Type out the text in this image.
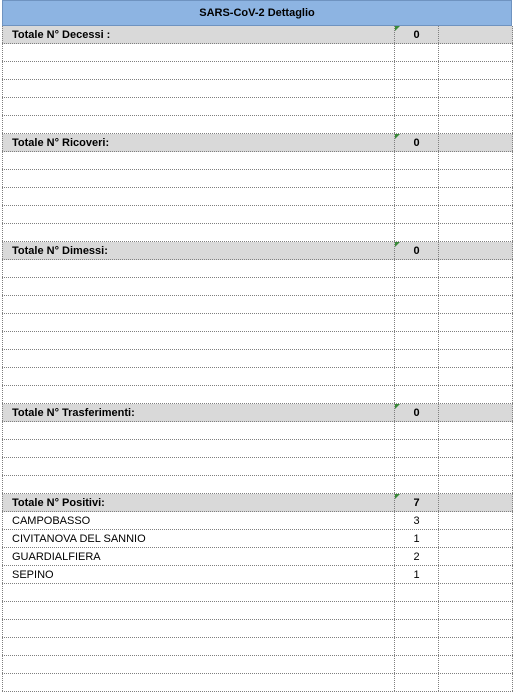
SARS-CoV-2 Dettaglio
Totale N° Decessi :	0
Totale N° Ricoveri:	0
Totale N° Dimessi:	0
Totale N° Trasferimenti:	0
Totale N° Positivi:	7
CAMPOBASSO	3
CIVITANOVA DEL SANNIO	1
GUARDIALFIERA	2
SEPINO	1
